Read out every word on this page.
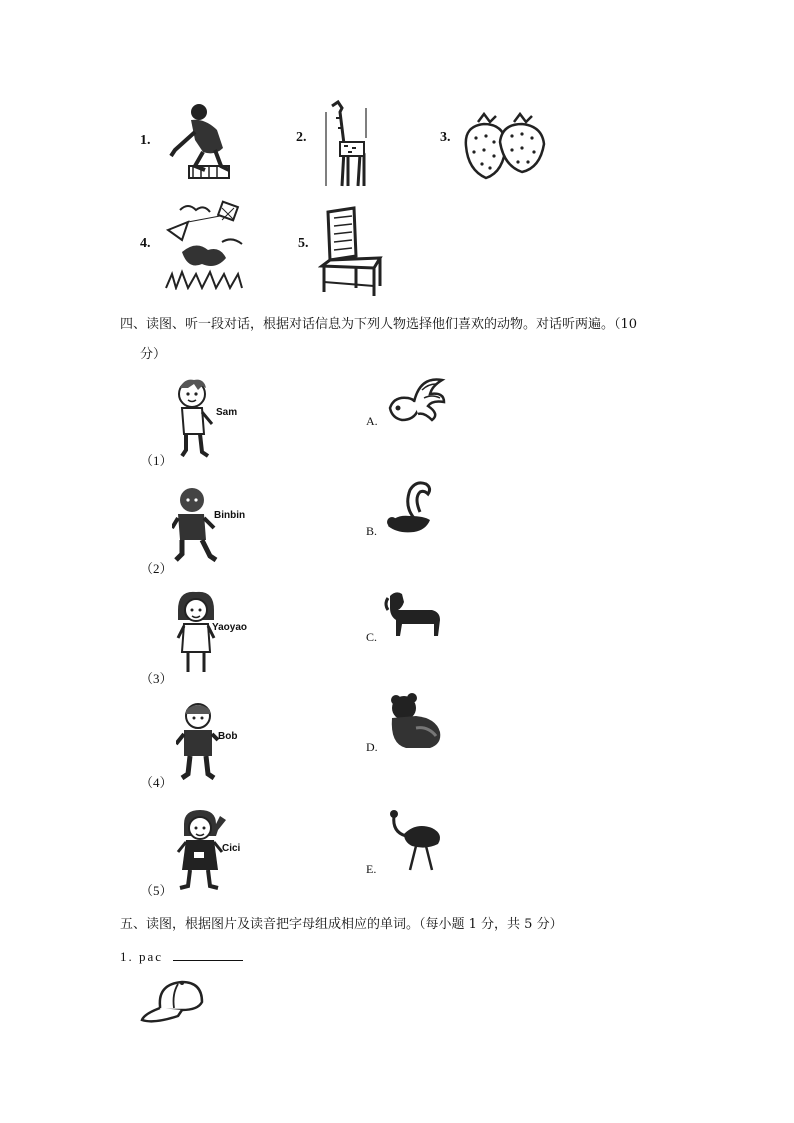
1.	2.	3.
4.	5.
四、读图、听一段对话，根据对话信息为下列人物选择他们喜欢的动物。对话听两遍。（10
分）
（1）
Sam
（2）
Binbin
（3）
Yaoyao
（4）
Bob
（5）
Cici
A.
B.
C.
D.
E.
五、读图，根据图片及读音把字母组成相应的单词。（每小题 1 分，共 5 分）
1. pac
